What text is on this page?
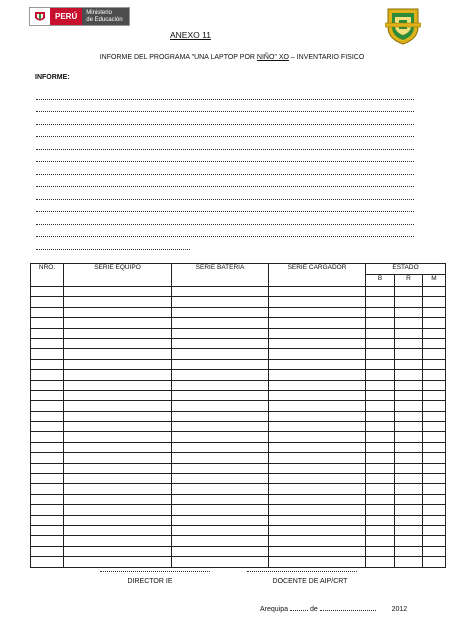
PERÚ	Ministerio
de Educación
ANEXO 11
INFORME DEL PROGRAMA "UNA LAPTOP POR NIÑO" XO – INVENTARIO FISICO
INFORME:
NRO.	SERIE EQUIPO	SERIE BATERIA	SERIE CARGADOR	ESTADO		
				B	R	M

DIRECTOR IE	DOCENTE DE AIP/CRT
Arequipa	de	2012
